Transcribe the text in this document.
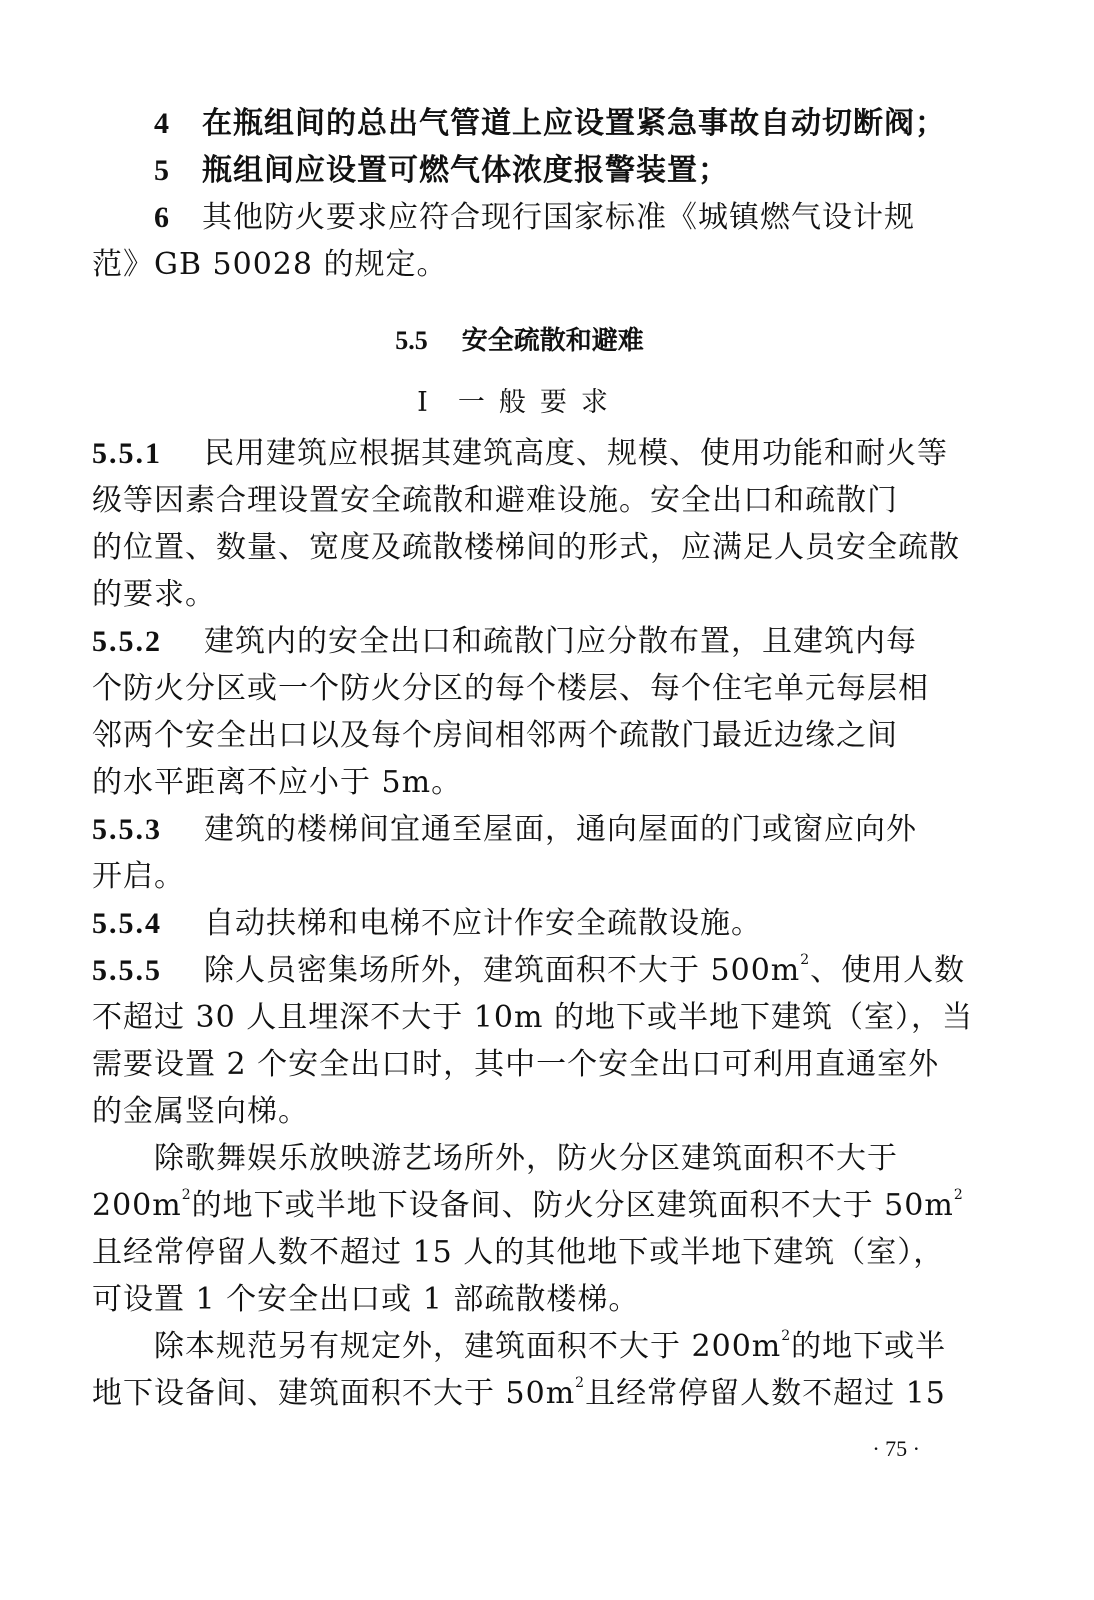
4 在瓶组间的总出气管道上应设置紧急事故自动切断阀；
5 瓶组间应设置可燃气体浓度报警装置；
6 其他防火要求应符合现行国家标准《城镇燃气设计规
范》GB 50028 的规定。
5.5 安全疏散和避难
Ⅰ 一般要求
5.5.1 民用建筑应根据其建筑高度、规模、使用功能和耐火等
级等因素合理设置安全疏散和避难设施。安全出口和疏散门
的位置、数量、宽度及疏散楼梯间的形式，应满足人员安全疏散
的要求。
5.5.2 建筑内的安全出口和疏散门应分散布置，且建筑内每
个防火分区或一个防火分区的每个楼层、每个住宅单元每层相
邻两个安全出口以及每个房间相邻两个疏散门最近边缘之间
的水平距离不应小于 5m。
5.5.3 建筑的楼梯间宜通至屋面，通向屋面的门或窗应向外
开启。
5.5.4 自动扶梯和电梯不应计作安全疏散设施。
5.5.5 除人员密集场所外，建筑面积不大于 $500m^2$、使用人数
不超过 30 人且埋深不大于 10m 的地下或半地下建筑（室），当
需要设置 2 个安全出口时，其中一个安全出口可利用直通室外
的金属竖向梯。
除歌舞娱乐放映游艺场所外，防火分区建筑面积不大于
$200m^2$的地下或半地下设备间、防火分区建筑面积不大于 $50m^2$
且经常停留人数不超过 15 人的其他地下或半地下建筑（室），
可设置 1 个安全出口或 1 部疏散楼梯。
除本规范另有规定外，建筑面积不大于 $200m^2$的地下或半
地下设备间、建筑面积不大于 $50m^2$且经常停留人数不超过 15
· 75 ·
